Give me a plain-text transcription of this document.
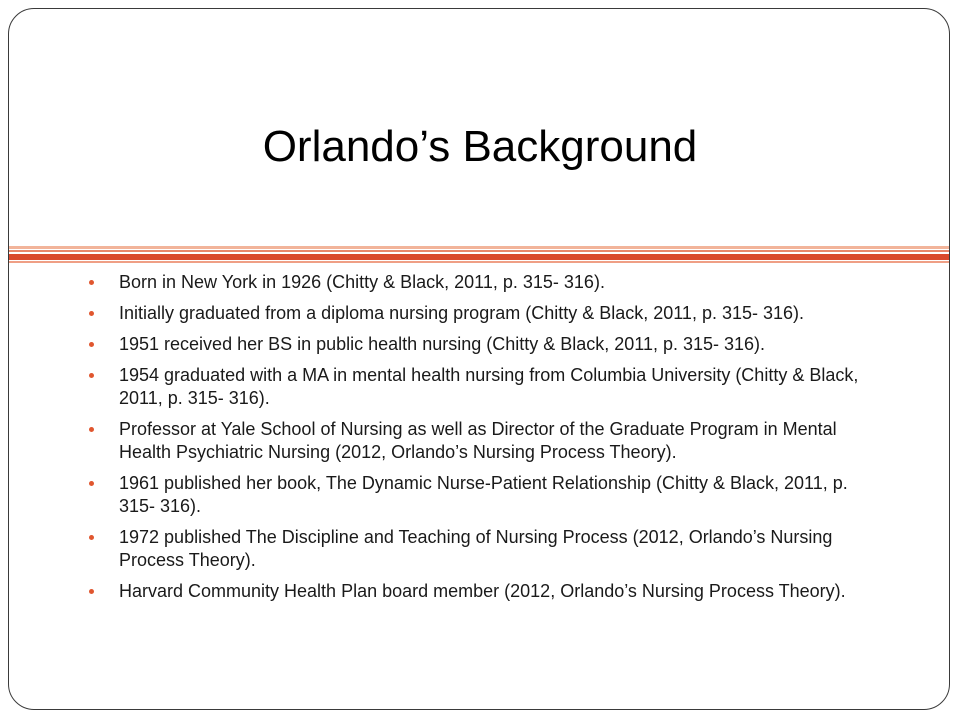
Orlando’s Background
Born in New York in 1926 (Chitty & Black, 2011, p. 315- 316).
Initially graduated from a diploma nursing program (Chitty & Black, 2011, p. 315- 316).
1951 received her BS in public health nursing (Chitty & Black, 2011, p. 315- 316).
1954 graduated with a MA in mental health nursing from Columbia University (Chitty & Black, 2011, p. 315- 316).
Professor at Yale School of Nursing as well as Director of the Graduate Program in Mental Health Psychiatric Nursing (2012, Orlando’s Nursing Process Theory).
1961 published her book, The Dynamic Nurse-Patient Relationship (Chitty & Black, 2011, p. 315- 316).
1972 published The Discipline and Teaching of Nursing Process (2012, Orlando’s Nursing Process Theory).
Harvard Community Health Plan board member (2012, Orlando’s Nursing Process Theory).
